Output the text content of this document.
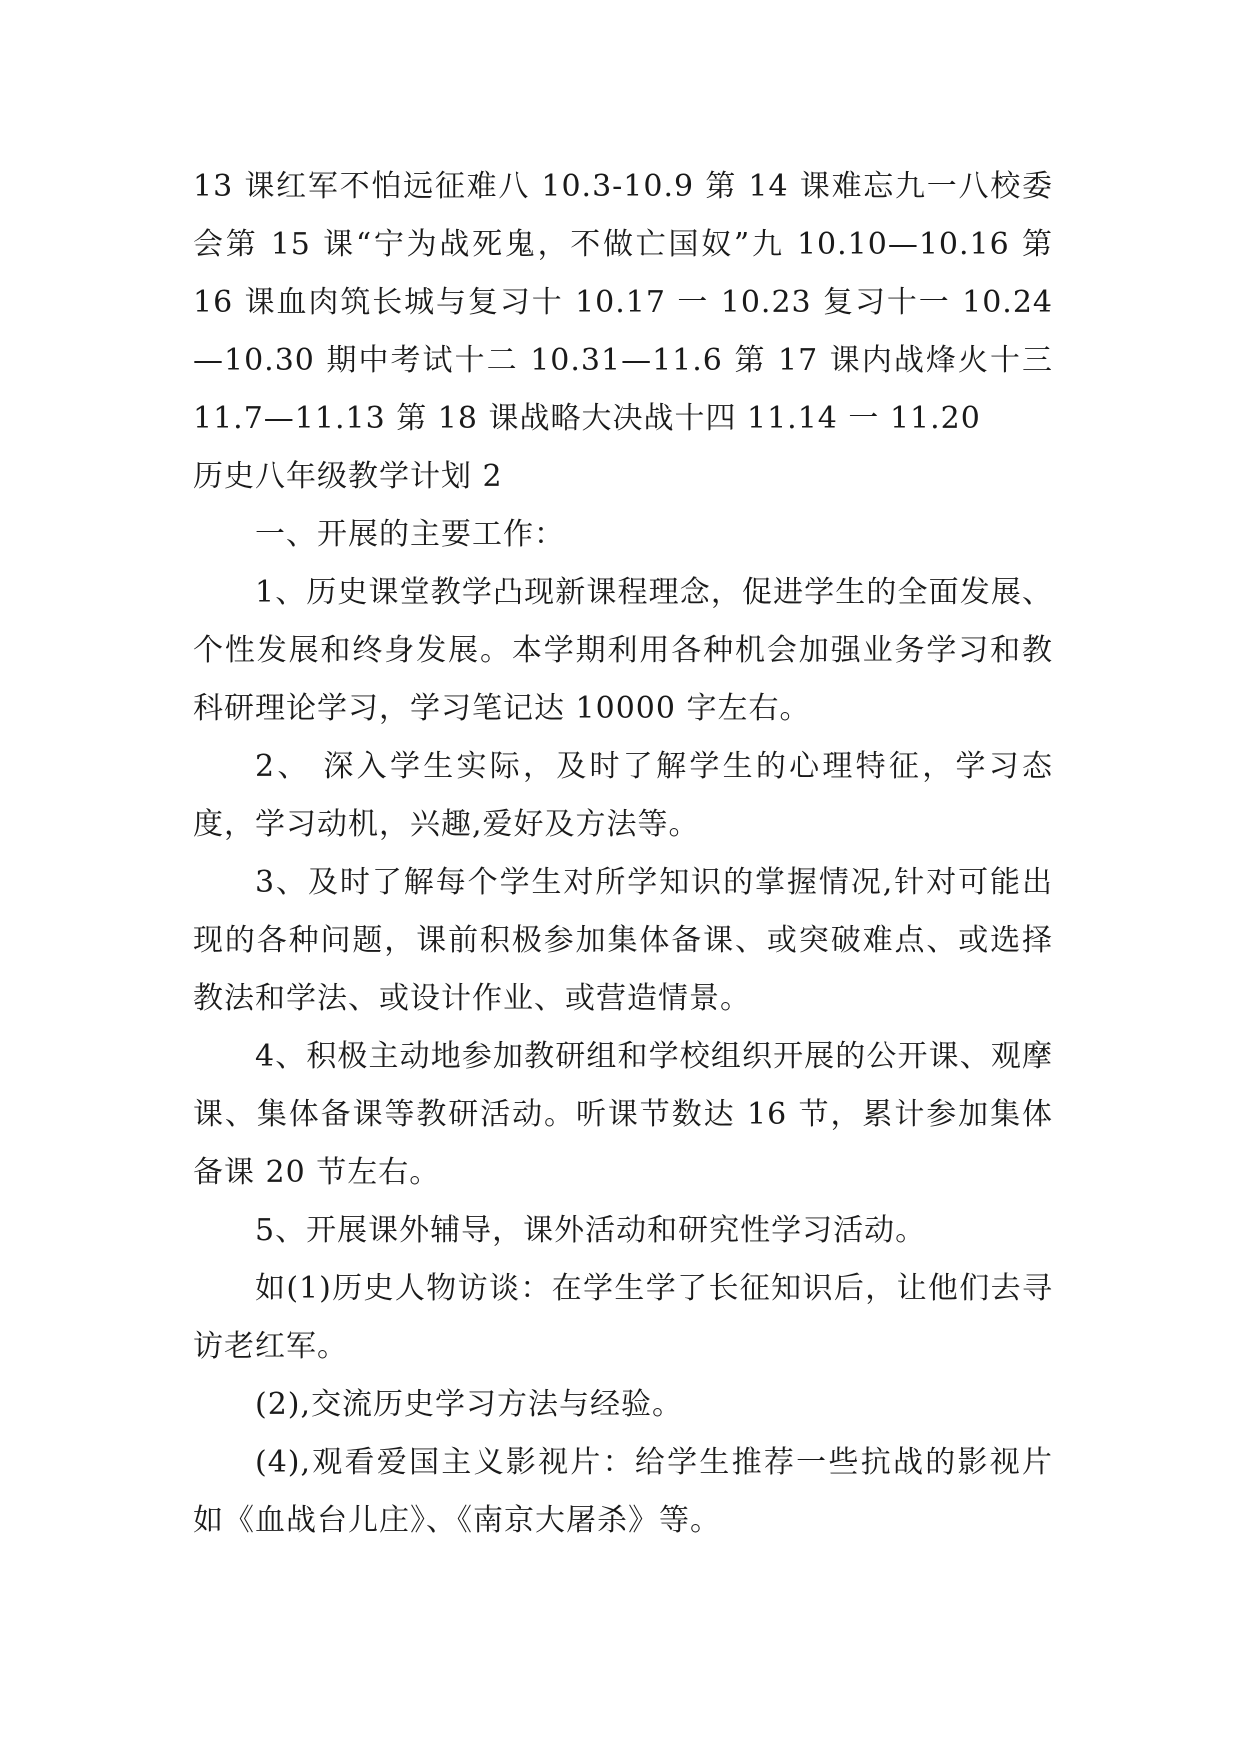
13 课红军不怕远征难八 10.3-10.9 第 14 课难忘九一八校委会第 15 课“宁为战死鬼，不做亡国奴”九 10.10—10.16 第 16 课血肉筑长城与复习十 10.17 一 10.23 复习十一 10.24—10.30 期中考试十二 10.31—11.6 第 17 课内战烽火十三 11.7—11.13 第 18 课战略大决战十四 11.14 一 11.20

历史八年级教学计划 2

一、开展的主要工作：

1、历史课堂教学凸现新课程理念，促进学生的全面发展、个性发展和终身发展。本学期利用各种机会加强业务学习和教科研理论学习，学习笔记达 10000 字左右。

2、 深入学生实际，及时了解学生的心理特征，学习态度，学习动机，兴趣,爱好及方法等。

3、及时了解每个学生对所学知识的掌握情况,针对可能出现的各种问题，课前积极参加集体备课、或突破难点、或选择教法和学法、或设计作业、或营造情景。

4、积极主动地参加教研组和学校组织开展的公开课、观摩课、集体备课等教研活动。听课节数达 16 节，累计参加集体备课 20 节左右。

5、开展课外辅导，课外活动和研究性学习活动。

如(1)历史人物访谈：在学生学了长征知识后，让他们去寻访老红军。

(2),交流历史学习方法与经验。

(4),观看爱国主义影视片：给学生推荐一些抗战的影视片如《血战台儿庄》、《南京大屠杀》等。
